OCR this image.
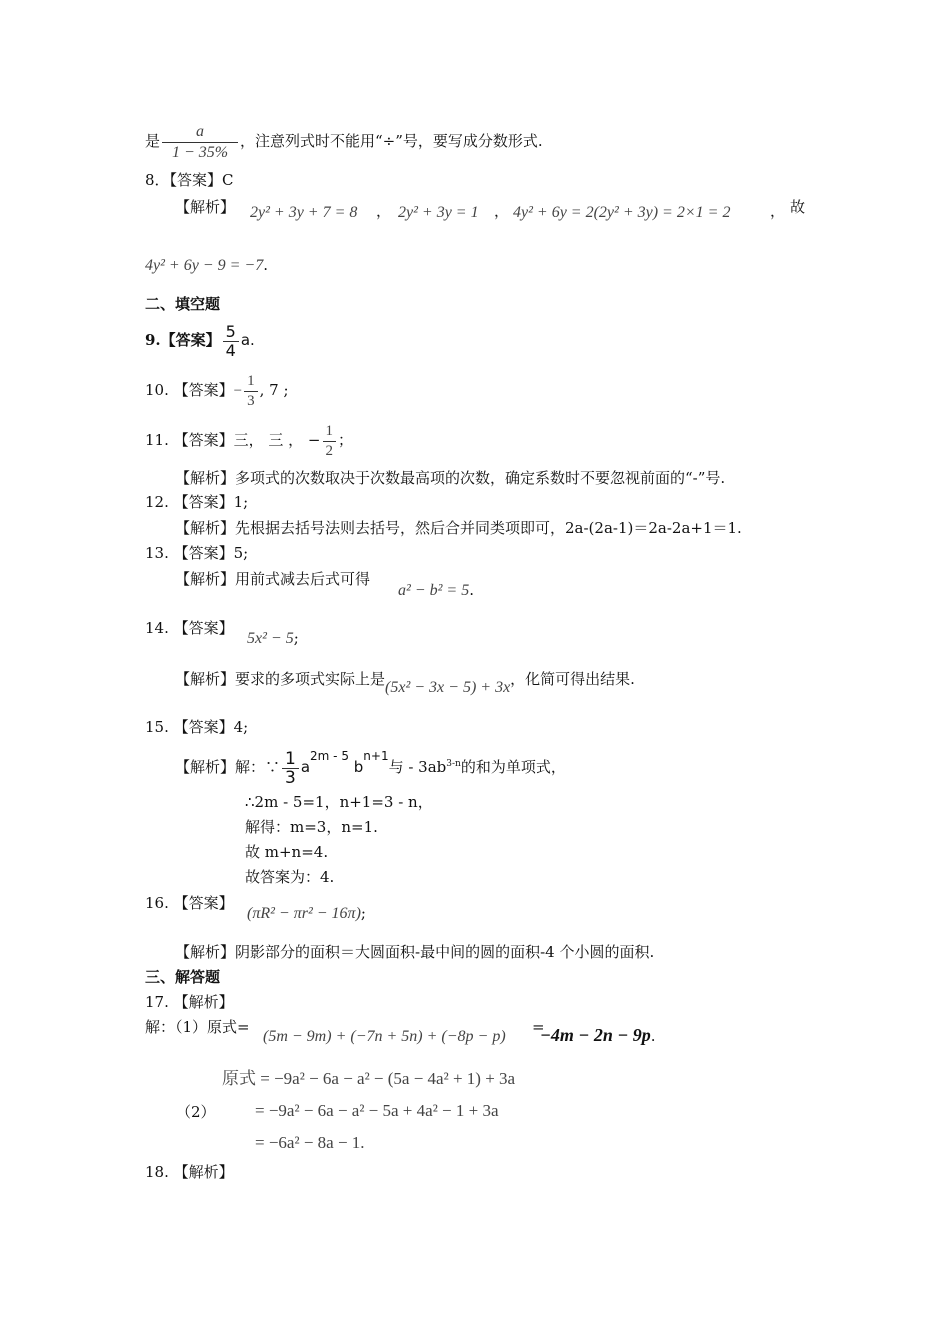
是 $\frac{a}{1 - 35\%}$ ，注意列式时不能用“÷”号，要写成分数形式.
8．【答案】C
【解析】 2y² + 3y + 7 = 8 ， 2y² + 3y = 1 ， 4y² + 6y = 2(2y² + 3y) = 2×1 = 2	， 故
4y² + 6y − 9 = −7.
二、填空题
9.【答案】 $\frac{5}{4} a$.
10. 【答案】− $\frac{1}{3}$ , 7 ;
11. 【答案】三， 三 ， − $\frac{1}{2}$ ；
【解析】多项式的次数取决于次数最高项的次数，确定系数时不要忽视前面的“-”号.
12. 【答案】1;
【解析】先根据去括号法则去括号，然后合并同类项即可，2a-(2a-1)＝2a-2a+1＝1.
13. 【答案】5;
【解析】用前式减去后式可得
a² − b² = 5.
14. 【答案】
5x² − 5;
【解析】要求的多项式实际上是(5x² − 3x − 5) + 3x，化简可得出结果.
15. 【答案】4;
【解析】解：∵ $\frac{1}{3} a^{2m - 5}$ $b^{n+1}$与 - $3ab^{3-n}$的和为单项式，
∴2m - 5=1，n+1=3 - n，
解得：m=3，n=1.
故 m+n=4.
故答案为：4.
16. 【答案】
(πR² − πr² − 16π);
【解析】阴影部分的面积＝大圆面积-最中间的圆的面积-4 个小圆的面积.
三、解答题
17. 【解析】
解：（1）原式=
(5m − 9m) + (−7n + 5n) + (−8p − p)
=
−4m − 2n − 9p.
原式 = −9a² − 6a − a² − (5a − 4a² + 1) + 3a
（2） = −9a² − 6a − a² − 5a + 4a² − 1 + 3a
= −6a² − 8a − 1.
18. 【解析】
